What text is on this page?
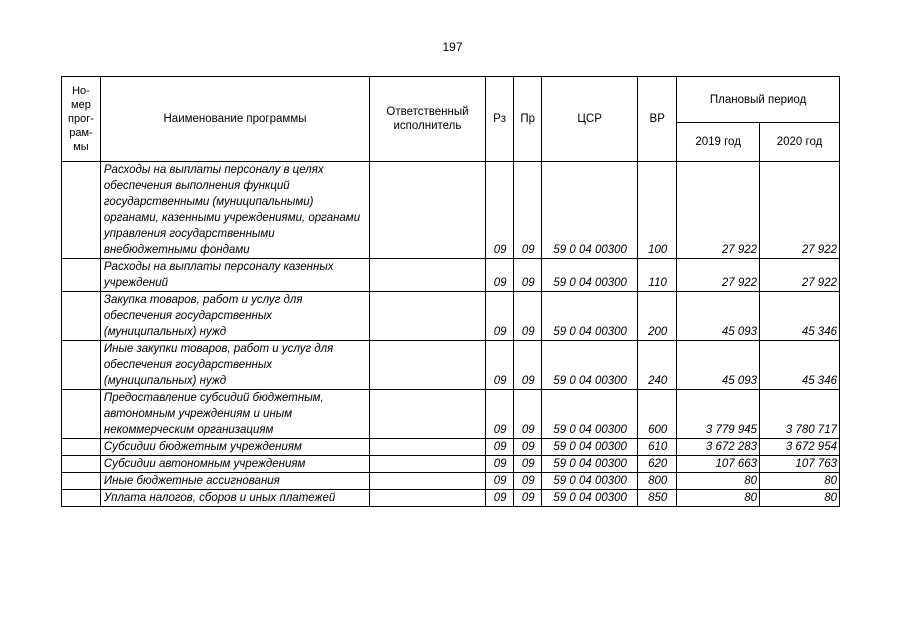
197
Но-
мер
прог-
рам-
мы	Наименование программы	Ответственный исполнитель	Рз	Пр	ЦСР	ВР	Плановый период	
							2019 год	2020 год
	Расходы на выплаты персоналу в целях обеспечения выполнения функций государственными (муниципальными) органами, казенными учреждениями, органами управления государственными внебюджетными фондами		09	09	59 0 04 00300	100	27 922	27 922
	Расходы на выплаты персоналу казенных учреждений		09	09	59 0 04 00300	110	27 922	27 922
	Закупка товаров, работ и услуг для обеспечения государственных (муниципальных) нужд		09	09	59 0 04 00300	200	45 093	45 346
	Иные закупки товаров, работ и услуг для обеспечения государственных (муниципальных) нужд		09	09	59 0 04 00300	240	45 093	45 346
	Предоставление субсидий бюджетным, автономным учреждениям и иным некоммерческим организациям		09	09	59 0 04 00300	600	3 779 945	3 780 717
	Субсидии бюджетным учреждениям		09	09	59 0 04 00300	610	3 672 283	3 672 954
	Субсидии автономным учреждениям		09	09	59 0 04 00300	620	107 663	107 763
	Иные бюджетные ассигнования		09	09	59 0 04 00300	800	80	80
	Уплата налогов, сборов и иных платежей		09	09	59 0 04 00300	850	80	80
